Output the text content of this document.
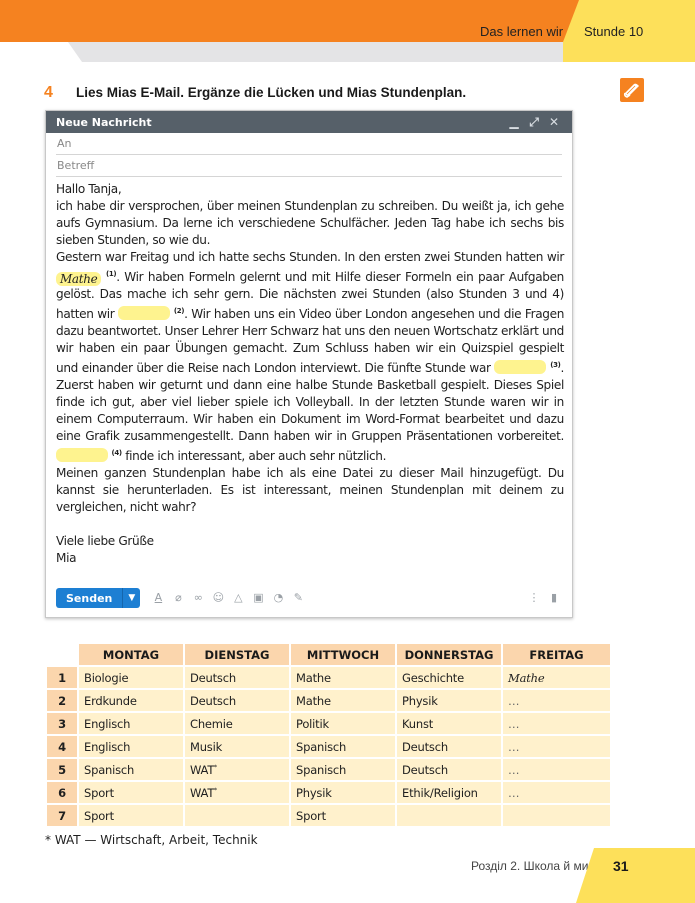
Das lernen wir Stunde 10
4 Lies Mias E-Mail. Ergänze die Lücken und Mias Stundenplan.
Neue Nachricht	▁ ⤢ ✕
An
Betreff

Hallo Tanja,

ich habe dir versprochen, über meinen Stundenplan zu schreiben. Du weißt ja, ich gehe aufs Gymnasium. Da lerne ich verschiedene Schulfächer. Jeden Tag habe ich sechs bis sieben Stunden, so wie du.

Gestern war Freitag und ich hatte sechs Stunden. In den ersten zwei Stunden hatten wir Mathe $^{(1)}$. Wir haben Formeln gelernt und mit Hilfe dieser Formeln ein paar Aufgaben gelöst. Das mache ich sehr gern. Die nächsten zwei Stunden (also Stunden 3 und 4) hatten wir	$^{(2)}$. Wir haben uns ein Video über London angesehen und die Fragen dazu beantwortet. Unser Lehrer Herr Schwarz hat uns den neuen Wortschatz erklärt und wir haben ein paar Übungen gemacht. Zum Schluss haben wir ein Quizspiel gespielt und einander über die Reise nach London interviewt. Die fünfte Stunde war	$^{(3)}$. Zuerst haben wir geturnt und dann eine halbe Stunde Basketball gespielt. Dieses Spiel finde ich gut, aber viel lieber spiele ich Volleyball. In der letzten Stunde waren wir in einem Computerraum. Wir haben ein Dokument im Word-Format bearbeitet und dazu eine Grafik zusammengestellt. Dann haben wir in Gruppen Präsentationen vorbereitet.  $^{(4)}$ finde ich interessant, aber auch sehr nützlich.

Meinen ganzen Stundenplan habe ich als eine Datei zu dieser Mail hinzugefügt. Du kannst sie herunterladen. Es ist interessant, meinen Stundenplan mit deinem zu vergleichen, nicht wahr?

Viele liebe Grüße

Mia

Senden	▼	A	⌀	∞ ☺ △ ▣ ◔ ✎	⋮	▮
	MONTAG	DIENSTAG	MITTWOCH	DONNERSTAG	FREITAG
1	Biologie	Deutsch	Mathe	Geschichte	Mathe
2	Erdkunde	Deutsch	Mathe	Physik	…
3	Englisch	Chemie	Politik	Kunst	…
4	Englisch	Musik	Spanisch	Deutsch	…
5	Spanisch	WAT*	Spanisch	Deutsch	…
6	Sport	WAT*	Physik	Ethik/Religion	…
7	Sport		Sport		
* WAT — Wirtschaft, Arbeit, Technik
Розділ 2. Школа й ми 31
